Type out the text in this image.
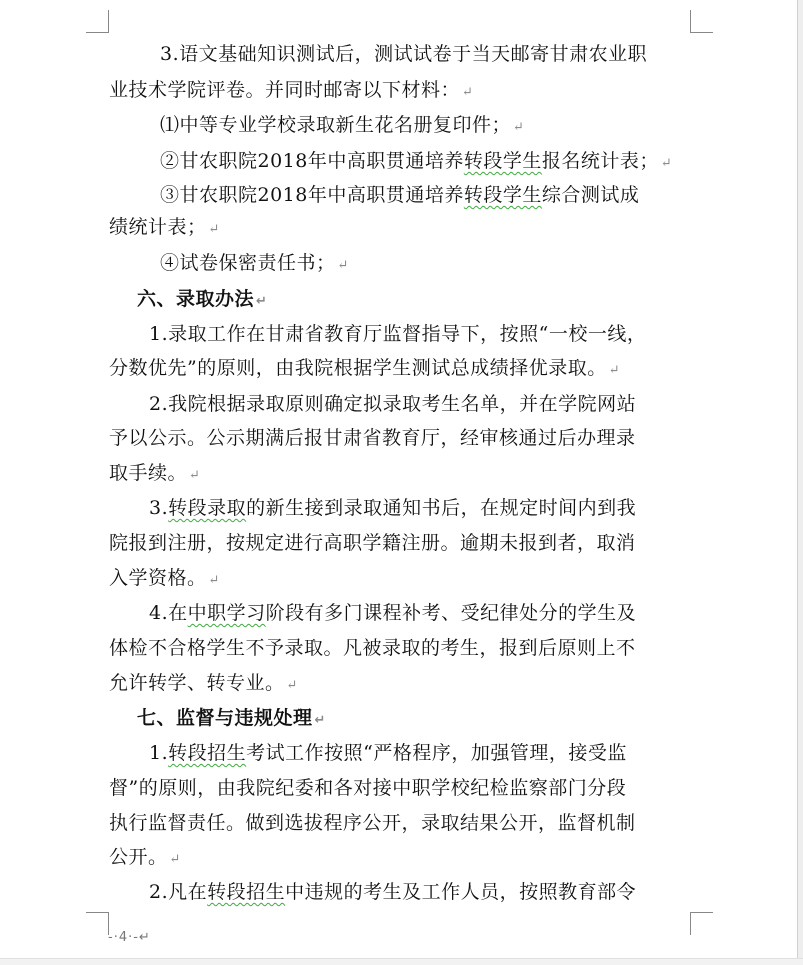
3.语文基础知识测试后，测试试卷于当天邮寄甘肃农业职
业技术学院评卷。并同时邮寄以下材料： ↵
⑴中等专业学校录取新生花名册复印件； ↵
②甘农职院2018年中高职贯通培养转段学生报名统计表； ↵
③甘农职院2018年中高职贯通培养转段学生综合测试成
绩统计表； ↵
④试卷保密责任书； ↵
六、录取办法 ↵
1.录取工作在甘肃省教育厅监督指导下，按照“一校一线，
分数优先”的原则，由我院根据学生测试总成绩择优录取。 ↵
2.我院根据录取原则确定拟录取考生名单，并在学院网站
予以公示。公示期满后报甘肃省教育厅，经审核通过后办理录
取手续。 ↵
3.转段录取的新生接到录取通知书后，在规定时间内到我
院报到注册，按规定进行高职学籍注册。逾期未报到者，取消
入学资格。 ↵
4.在中职学习阶段有多门课程补考、受纪律处分的学生及
体检不合格学生不予录取。凡被录取的考生，报到后原则上不
允许转学、转专业。 ↵
七、监督与违规处理 ↵
1.转段招生考试工作按照“严格程序，加强管理，接受监
督”的原则，由我院纪委和各对接中职学校纪检监察部门分段
执行监督责任。做到选拔程序公开，录取结果公开，监督机制
公开。 ↵
2.凡在转段招生中违规的考生及工作人员，按照教育部令
-·4·-↵
